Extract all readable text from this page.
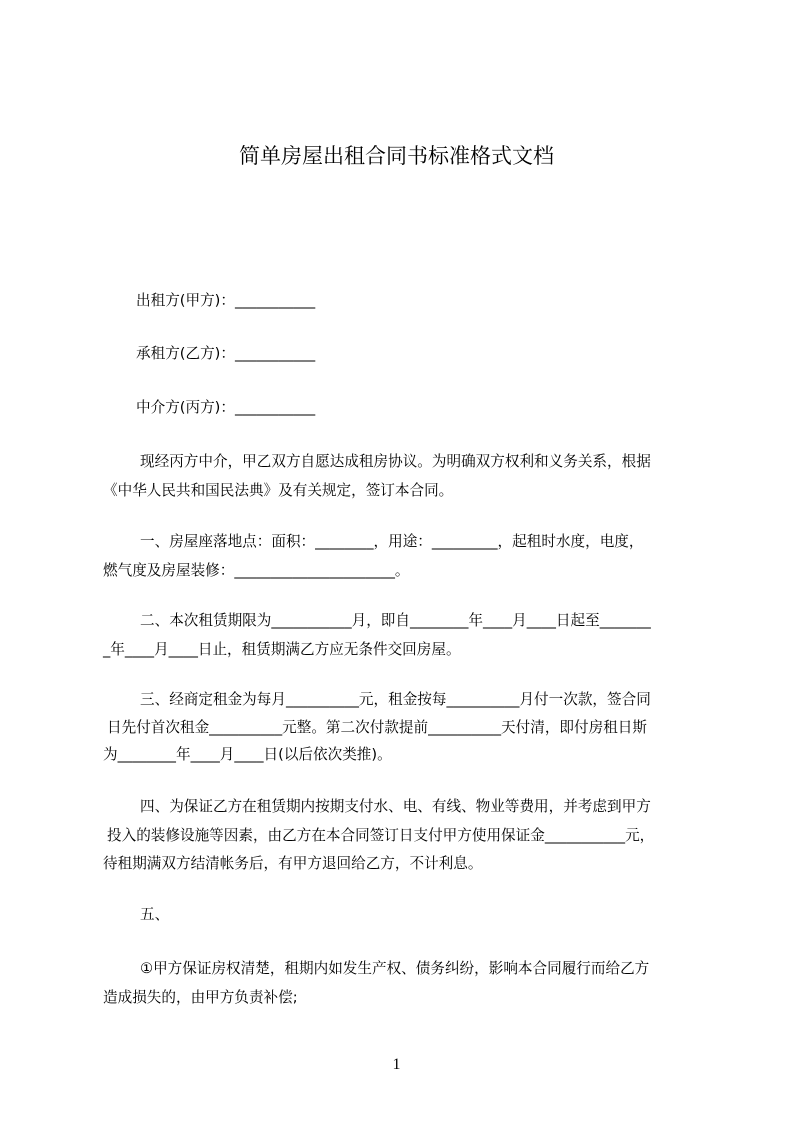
简单房屋出租合同书标准格式文档
出租方(甲方)：___________
承租方(乙方)：___________
中介方(丙方)：___________
现经丙方中介，甲乙双方自愿达成租房协议。为明确双方权利和义务关系，根据
《中华人民共和国民法典》及有关规定，签订本合同。
一、房屋座落地点：面积：________，用途：_________，起租时水度，电度，
燃气度及房屋装修：______________________。
二、本次租赁期限为___________月，即自________年____月____日起至_______
_年____月____日止，租赁期满乙方应无条件交回房屋。
三、经商定租金为每月__________元，租金按每__________月付一次款，签合同
日先付首次租金__________元整。第二次付款提前__________天付清，即付房租日斯
为________年____月____日(以后依次类推)。
四、为保证乙方在租赁期内按期支付水、电、有线、物业等费用，并考虑到甲方
投入的装修设施等因素，由乙方在本合同签订日支付甲方使用保证金___________元，
待租期满双方结清帐务后，有甲方退回给乙方，不计利息。
五、
①甲方保证房权清楚，租期内如发生产权、债务纠纷，影响本合同履行而给乙方
造成损失的，由甲方负责补偿;
1
